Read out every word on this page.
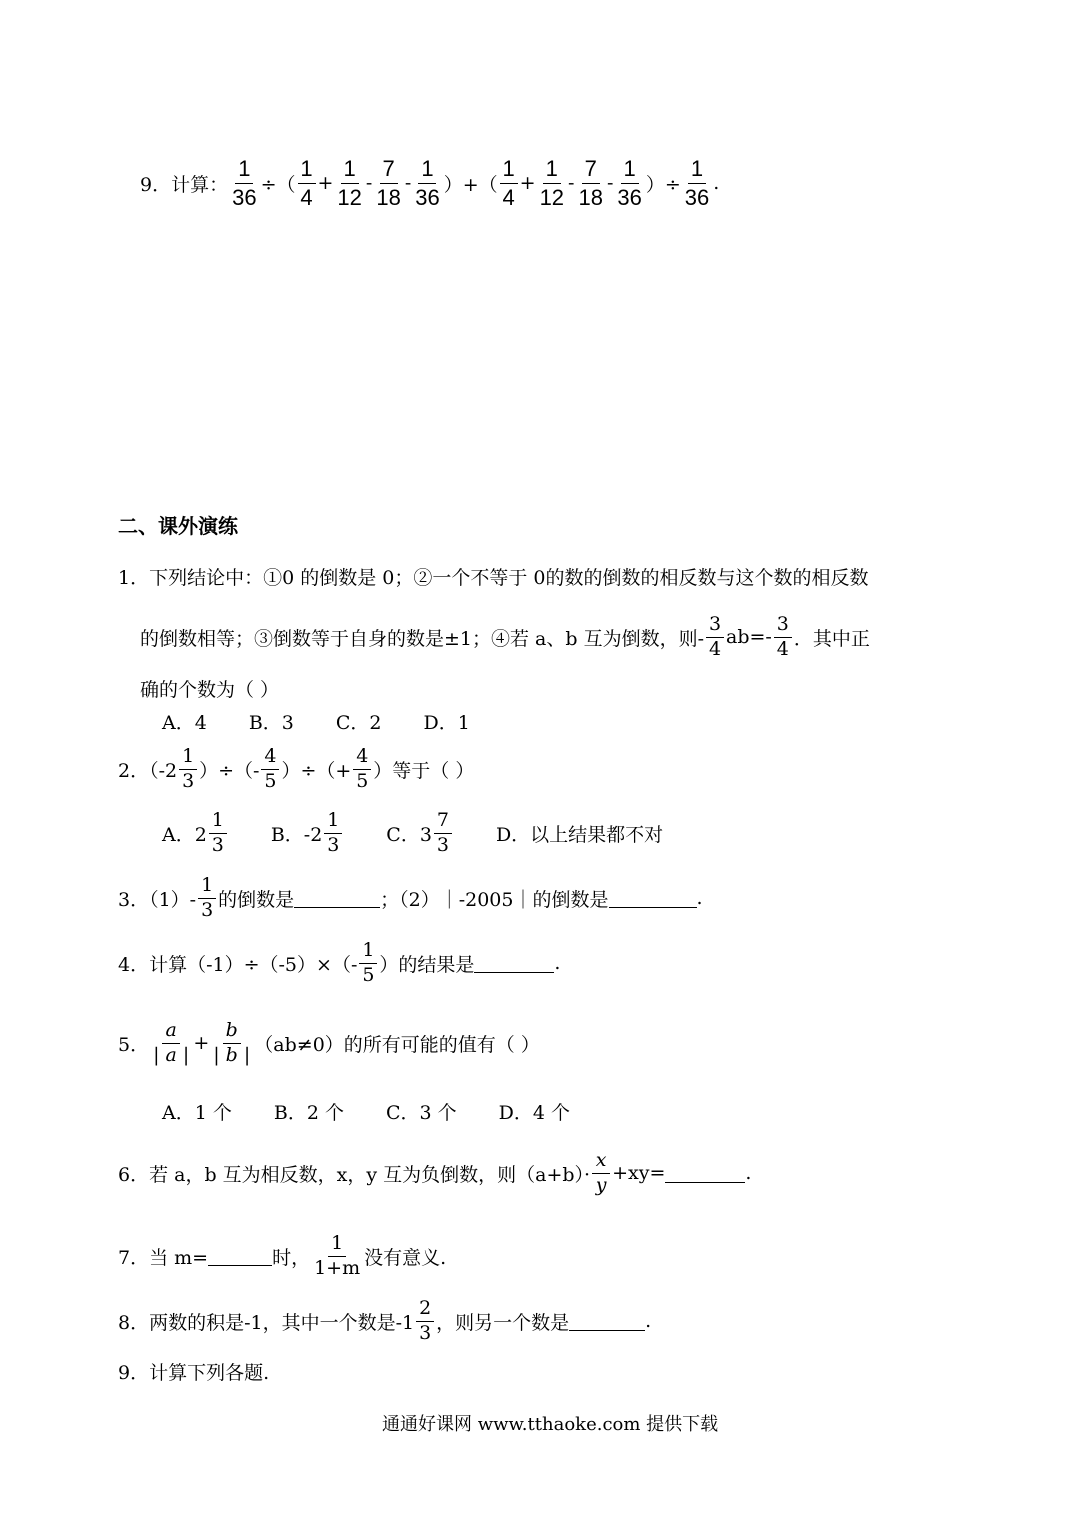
9．计算： $\frac{1}{36}$ ÷（ $\frac{1}{4} + \frac{1}{12} - \frac{7}{18} - \frac{1}{36}$ ）+（ $\frac{1}{4} + \frac{1}{12} - \frac{7}{18} - \frac{1}{36}$ ）÷ $\frac{1}{36}$ .
二、课外演练
1．下列结论中：①0 的倒数是 0；②一个不等于 0的数的倒数的相反数与这个数的相反数
的倒数相等；③倒数等于自身的数是±1；④若 a、b 互为倒数，则- $\frac{3}{4} ab=- \frac{3}{4}$ ．其中正
确的个数为（ ）
A．4 B．3 C．2 D．1
2．（$-2 \frac{1}{3}$ ）÷（- $\frac{4}{5}$ ）÷（+ $\frac{4}{5}$ ）等于（ ）
A．$2 \frac{1}{3}$ B．$-2 \frac{1}{3}$ C．$3 \frac{7}{3}$ D．以上结果都不对
3．$(1)- \frac{1}{3}$ 的倒数是	；（2）｜-2005｜的倒数是	.
4．计算$(-1)\div(-5)\times(- \frac{1}{5}$ ）的结果是	.
5． $\frac{a}{| a |} + \frac{b}{| b |} (ab\ne 0)$的所有可能的值有（ ）
A．1 个 B．2 个 C．3 个 D．4 个
6．若 a，b 互为相反数，x，y 互为负倒数，则$(a+b)\cdot \frac{x}{y} +xy=$	.
7．当 m=	时， $\frac{1}{1+m}$ 没有意义.
8．两数的积是-1，其中一个数是$-1 \frac{2}{3}$ ，则另一个数是	.
9．计算下列各题.
通通好课网 www.tthaoke.com 提供下载
